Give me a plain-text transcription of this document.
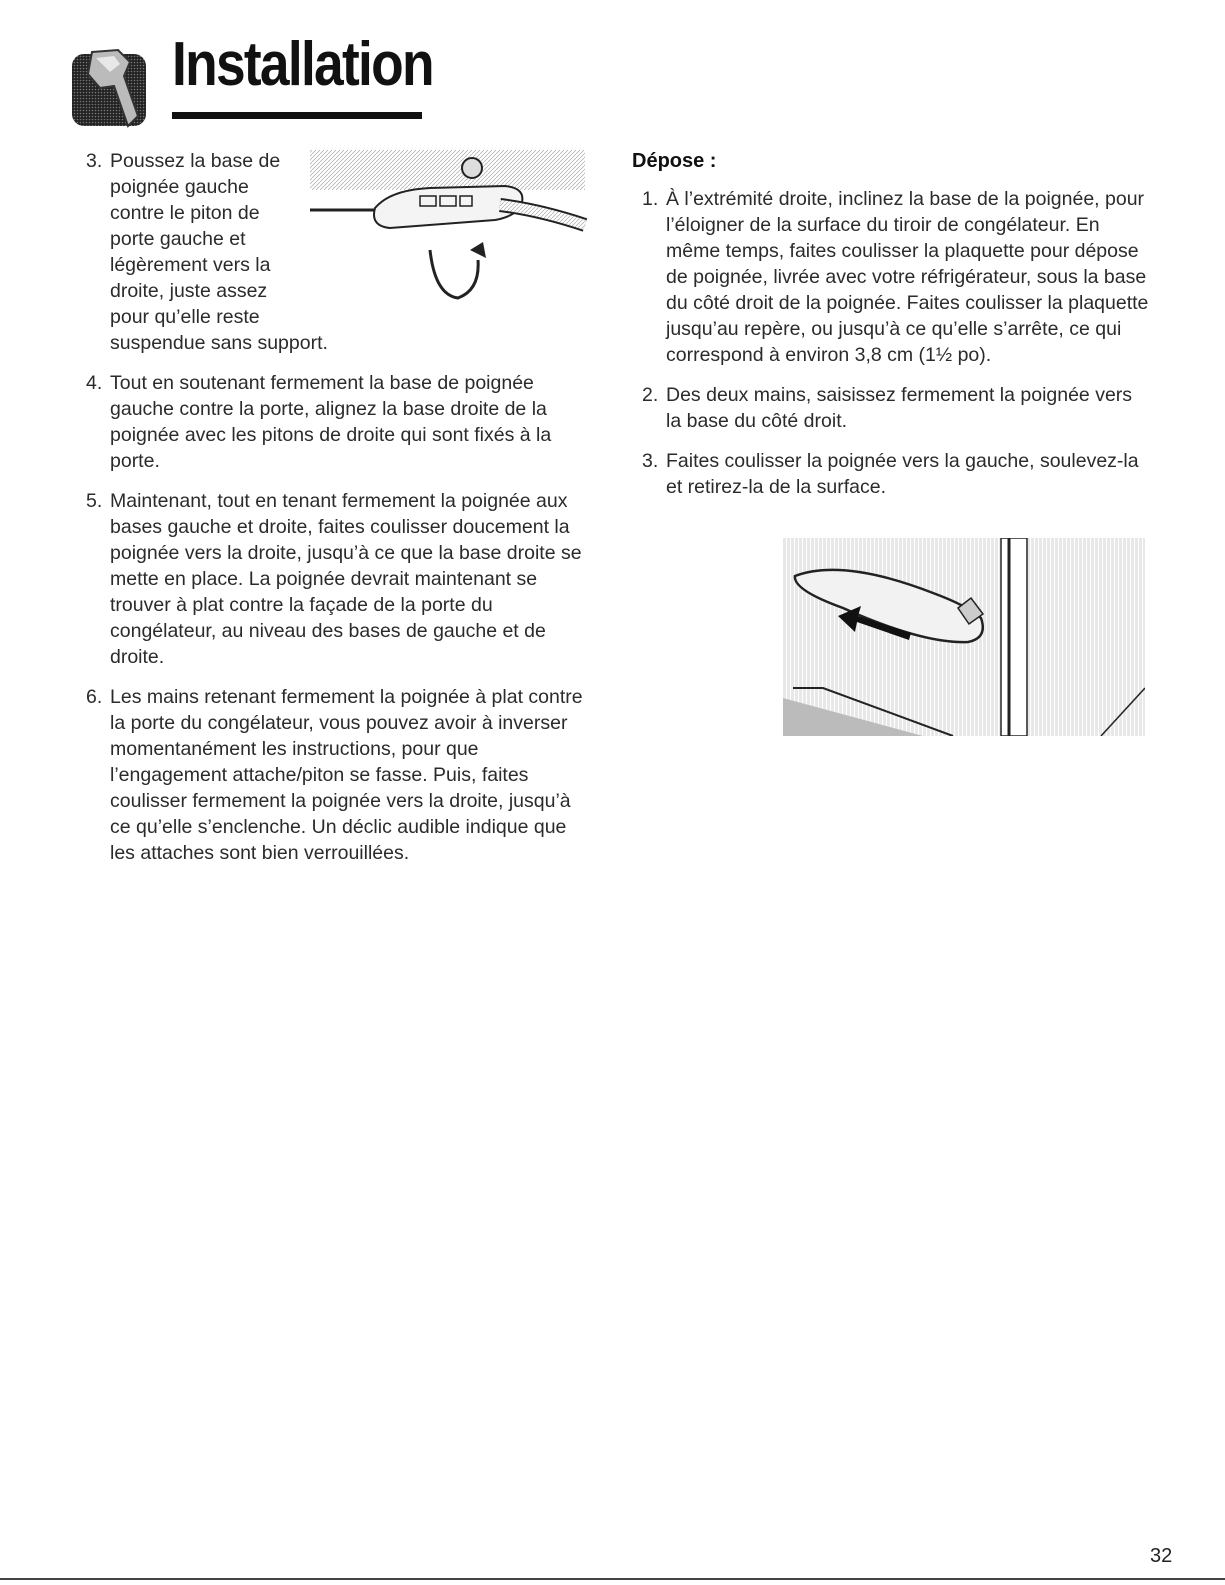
Installation
3. Poussez la base de poignée gauche contre le piton de porte gauche et légèrement vers la droite, juste assez pour qu’elle reste
suspendue sans support.
4. Tout en soutenant fermement la base de poignée gauche contre la porte, alignez la base droite de la poignée avec les pitons de droite qui sont fixés à la porte.
5. Maintenant, tout en tenant fermement la poignée aux bases gauche et droite, faites coulisser doucement la poignée vers la droite, jusqu’à ce que la base droite se mette en place. La poignée devrait maintenant se trouver à plat contre la façade de la porte du congélateur, au niveau des bases de gauche et de droite.
6. Les mains retenant fermement la poignée à plat contre la porte du congélateur, vous pouvez avoir à inverser momentanément les instructions, pour que l’engagement attache/piton se fasse. Puis, faites coulisser fermement la poignée vers la droite, jusqu’à ce qu’elle s’enclenche. Un déclic audible indique que les attaches sont bien verrouillées.
Dépose :
1. À l’extrémité droite, inclinez la base de la poignée, pour l’éloigner de la surface du tiroir de congélateur. En même temps, faites coulisser la plaquette pour dépose de poignée, livrée avec votre réfrigérateur, sous la base du côté droit de la poignée. Faites coulisser la plaquette jusqu’au repère, ou jusqu’à ce qu’elle s’arrête, ce qui correspond à environ 3,8 cm (1½ po).
2. Des deux mains, saisissez fermement la poignée vers la base du côté droit.
3. Faites coulisser la poignée vers la gauche, soulevez-la et retirez-la de la surface.
32
